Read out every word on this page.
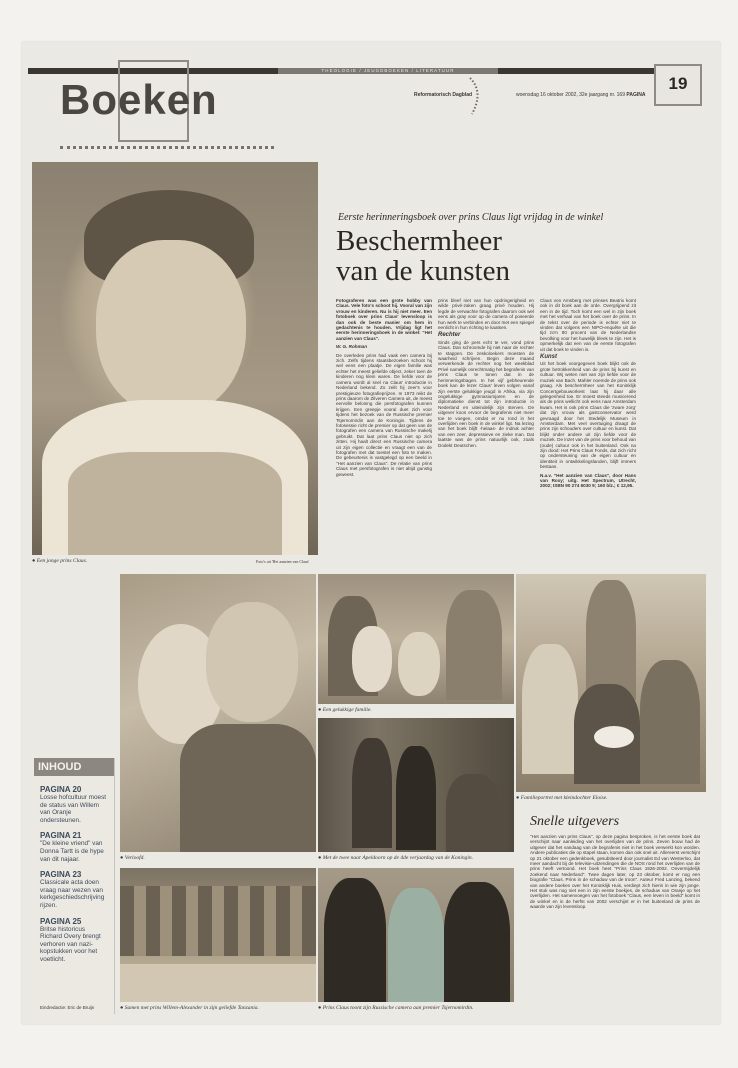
THEOLOGIE / JEUGDBOEKEN / LITERATUUR
Boeken	Reformatorisch Dagblad	woensdag 16 oktober 2002, 32e jaargang nr. 169 PAGINA
19
● Een jonge prins Claus.	Foto's uit 'Het aanzien van Claus'
Eerste herinneringsboek over prins Claus ligt vrijdag in de winkel
Beschermheer
van de kunsten

Fotograferen was een grote hobby van Claus. Vele foto's schoot hij. Vooral van zijn vrouw en kinderen. Nu is hij niet meer. Een fotoboek over prins Claus' levensloop is dan ook de beste manier om hem in gedachtenis te houden. Vrijdag ligt het eerste herinneringsboek in de winkel: "Het aanzien van Claus".

W. G. Rohman

De overleden prins had vaak een camera bij zich. Zelfs tijdens staatsbezoeken schoot hij wel eens een plaatje. De eigen familie was echter het meest geliefde object, zeker toen de kinderen nog klein waren. De liefde voor de camera wordt al snel na Claus' introductie in Nederland bekend. Zo zeilt hij zeer's voor prestigieuze fotografieprijzen. In 1973 reikt de prins daarom de Zilveren Camera uit, de meest eervolle beloning die persfotografen kunnen krijgen. Een greepje vooral duet zich voor tijdens het bezoek van de Russische premier Tsjernomirdin aan de Koningin. Tijdens de fotosessie richt de premier op dat geen van de fotografen een camera van Russische makelij gebruikt. Dat laat prins Claus niet op zich zitten. Hij haalt direct een Russische camera uit zijn eigen collectie en vraagt een van de fotografen met dat toestel een foto te maken. De gebeurtenis is vastgelegd op een beeld in "Het aanzien van Claus". De relatie van prins Claus met persfotografen is niet altijd gunstig geweest.

prins bleef niet van hun opdringerigheid en wilde privé-zaken graag privé houden. Hij legde de verwachte fotografen daarom ook wel eens als gray voor op de camera of poseerde hun werk te verbinden en door met een spiegel eenlicht in hun richting te kaatsen.

Rechter

Sinds ging de pers echt te ver, vond prins Claus. Dan schroomde hij niet naar de rechter te stappen. De zeskoloekers moesten de waarheid schrijven. Begin deze maand verwerkende de rechter nog het weekblad Privé namelijk onrechtmatig het begrafenis van prins Claus te tonen dat in de herinneringsbagen. In het vijf gebheurende boek kan de lezer Claus' leven volgen vanaf zijn eerste gelukkige jeugd in Afrika, via zijn ongelukkige gymnasiumjaren en de diplomatieke dienst tot zijn introductie in Nederland en uiteindelijk zijn sterven. De uitgever koos ervoor de begrafenis niet meer toe te voegen, omdat er nu rond in het overlijden een boek in de winkel ligt. Na lezing van het boek blijft -helaas- de indruk achter van een zeer, depressieve en zieke man. Dat laatste was de prins natuurlijk ook, zoals Dodekt Deutschen.

Claus von Amsberg met prinses Beatrix komt ook in dit boek aan de orde. Overgrijpend zit een in de tijd. Toch komt een wel in zijn boek met het verhaal van het boek over de prins. In de tekst over de periode is echter niet te vinden dat volgens een NIPO-enquête uit die tijd zo'n 80 procent van de Nederlandse bevolking voor het huwelijk bleek te zijn. Het is opmerkelijk dat een van de eerste fotografen uit dat boek te vinden is.

Kunst

Uit het boek voorgegeven boek blijkt ook de grote betrokkenheid van de prins bij kunst en cultuur. Wij weten niet van zijn liefde voor de muziek van Bach. Mahler noemde de prins ook graag. Als beschermheer van het Koninklijk Concertgebouworkest laat hij daar alle gelegenheid toe. Er moest steeds musicerend als de prins wellicht ook eens naar Amsterdam kwam. Het is ook prins Claus die 'zware zorg' dat zijn vrouw als gastconservator werd gevraagd door het Stedelijk Museum in Amsterdam. Met veel overtuiging draagt de prins zijn schouders over cultuur en kunst. Dat blijkt onder andere uit zijn liefde voor de muziek. De inzet van de prins voor behoud van (oude) cultuur ook in het buitenland. Ook na zijn dood: Het Prins Claus Fonds, dat zich richt op ondersteuning van de eigen cultuur en identiteit in ontwikkelingslanden, blijft immers bestaan.

N.a.v. "Het aanzien van Claus", door Hans van Roxy; uitg. Het Spectrum, Utrecht, 2002; ISBN 90 274 6030 9; 160 blz.; € 12,95.

● Verloofd.
● Een gelukkige familie.
● Met de twee naar Apeldoorn op de 4de verjaardag van de Koningin.
● Familieportret met kleindochter Eloise.
INHOUD
PAGINA 20
Losse hofcultuur moest de status van Willem van Oranje ondersteunen.
PAGINA 21
"De kleine vriend" van Donna Tartt is de hype van dit najaar.
PAGINA 23
Classicale acta doen vraag naar wezen van kerkgeschiedschrijving rijzen.
PAGINA 25
Britse historicus Richard Overy brengt verhoren van nazi-kopstukken voor het voetlicht.
Eindredactie: Eric de Bruijn	● Samen met prins Willem-Alexander in zijn geliefde Tanzania.	● Prins Claus toont zijn Russische camera aan premier Tsjernomirdin.
Snelle uitgevers
"Het aanzien van prins Claus", op deze pagina besproken, is het eerste boek dat verschijnt naar aanleiding van het overlijden van de prins. Zeven bouw had de uitgever dat het vandaag van de begrafenis niet in het boek verwerkt kon worden. Andere publicaties die op stapel staan, komen dan ook snel uit. Allereerst verschijnt op 21 oktober een gedenkboek, gesubtiteerd door journalist Ed van Westerloo, dat meer aandacht bij de televisie-uitzendingen die de NOS rond het overlijden van de prins heeft vertoond. Het boek heet "Prins Claus 1926-2002. Onvermijdelijk zoekend naar Nederland". Twee dagen later, op 23 oktober, komt er nog een biografie "Claus. Prins in de schaduw van de troon". Auteur Fred Lanzing, bekend van andere boeken over het Koninklijk Huis, verdiept zich hierin in wie zijn jonge. Het stuk was nog niet een in zijn eerste boekjes, de schaduw van Oranje op het overlijden. Het samenvoegen van het fotoboek "Claus, een leven in beeld" komt in de winkel en in de herfst van 2002 verschijnt er in het buitenland de prins de waarde van zijn levensloop.
